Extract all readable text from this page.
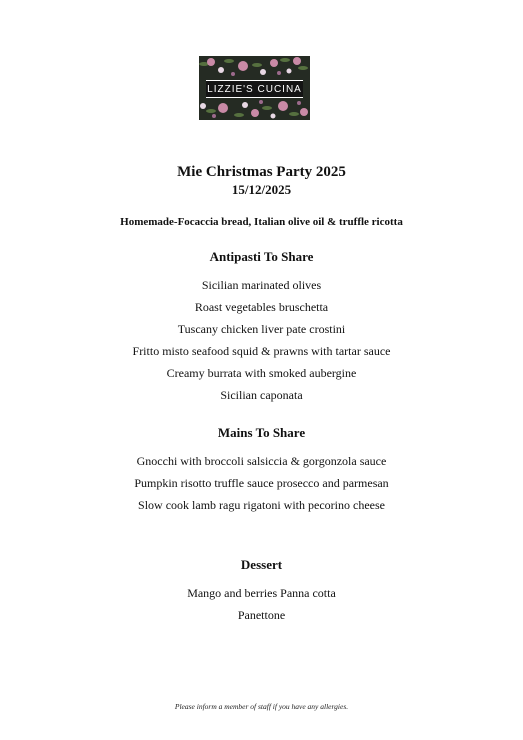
LIZZIE'S CUCINA
Mie Christmas Party 2025
15/12/2025
Homemade-Focaccia bread, Italian olive oil & truffle ricotta
Antipasti To Share
Sicilian marinated olives
Roast vegetables bruschetta
Tuscany chicken liver pate crostini
Fritto misto seafood squid & prawns with tartar sauce
Creamy burrata with smoked aubergine
Sicilian caponata
Mains To Share
Gnocchi with broccoli salsiccia & gorgonzola sauce
Pumpkin risotto truffle sauce prosecco and parmesan
Slow cook lamb ragu rigatoni with pecorino cheese
Dessert
Mango and berries Panna cotta
Panettone
Please inform a member of staff if you have any allergies.
